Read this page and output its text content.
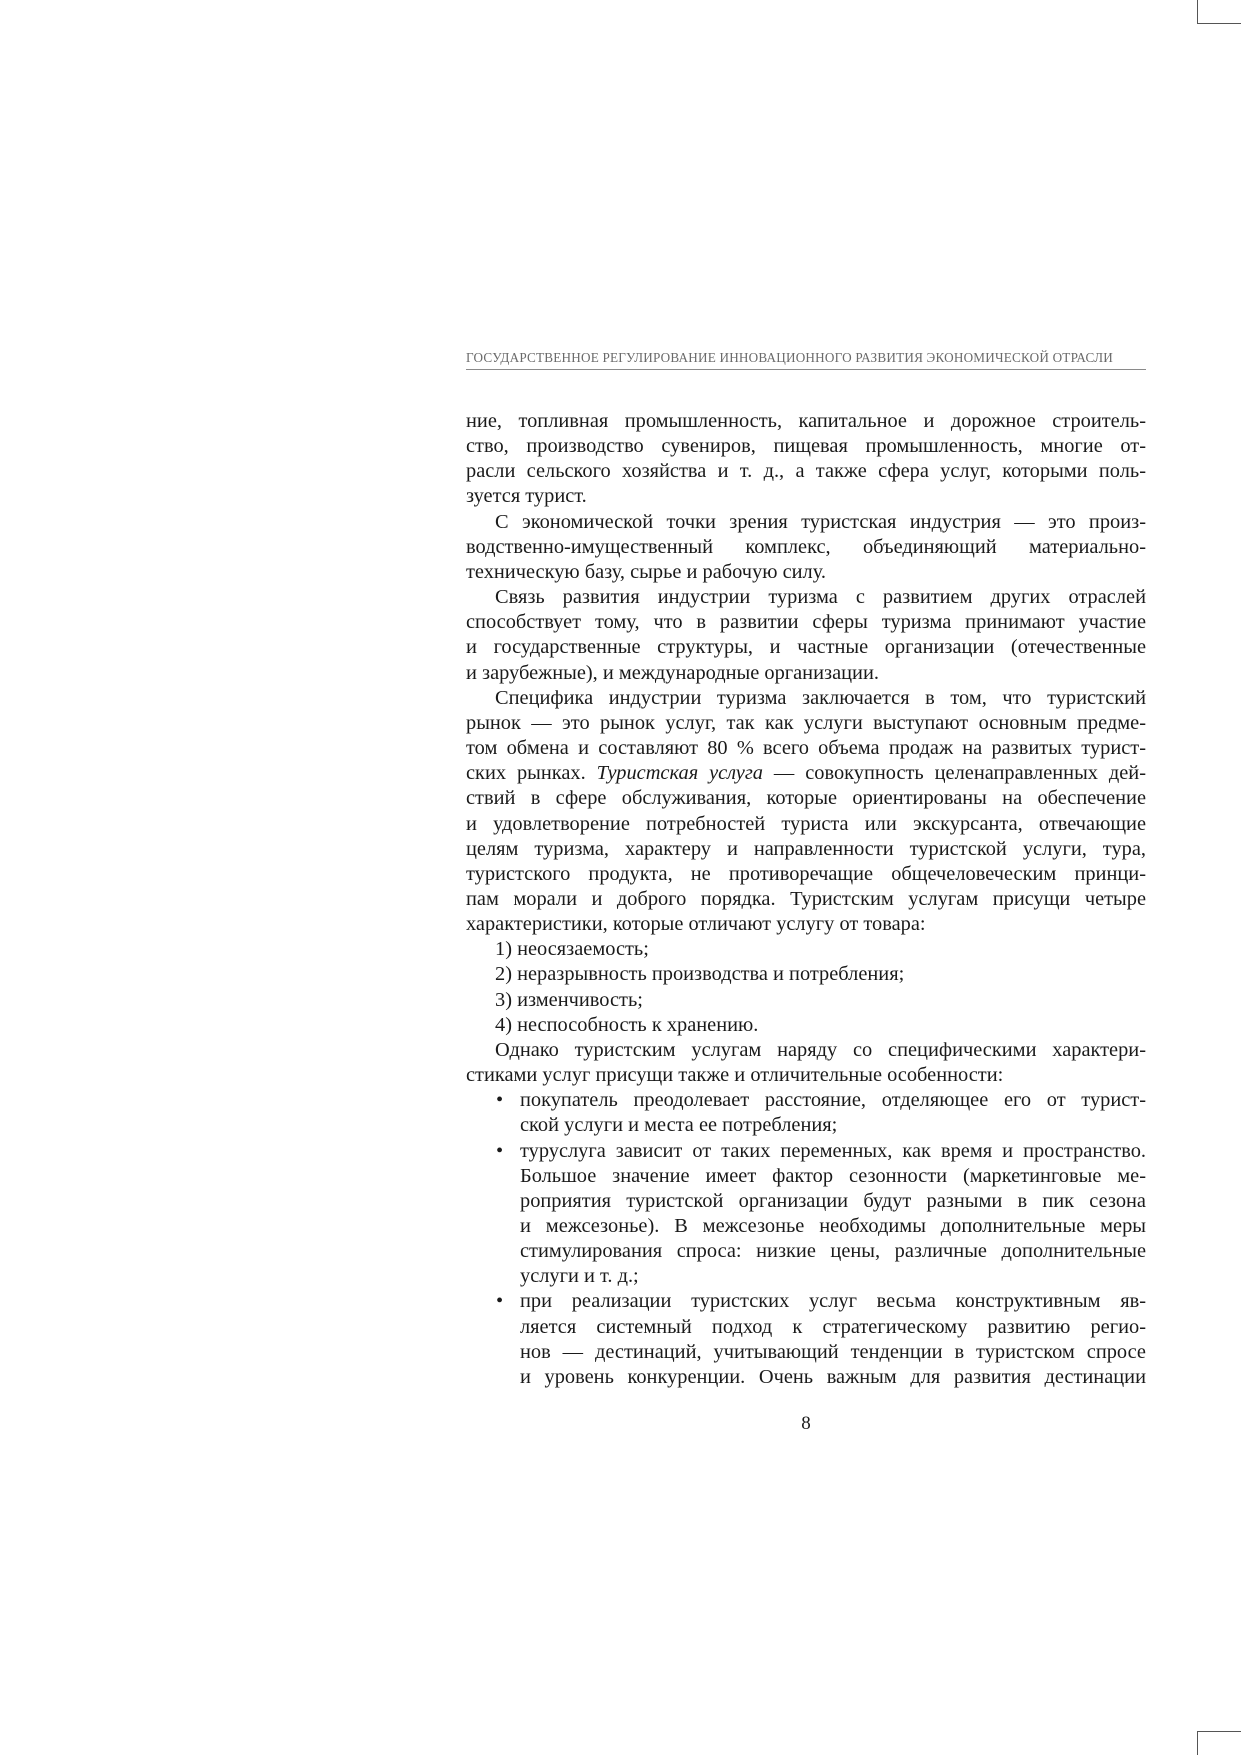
ГОСУДАРСТВЕННОЕ РЕГУЛИРОВАНИЕ ИННОВАЦИОННОГО РАЗВИТИЯ ЭКОНОМИЧЕСКОЙ ОТРАСЛИ

ние, топливная промышленность, капитальное и дорожное строитель-

ство, производство сувениров, пищевая промышленность, многие от-

расли сельского хозяйства и т. д., а также сфера услуг, которыми поль-

зуется турист.

С экономической точки зрения туристская индустрия — это произ-

водственно-имущественный комплекс, объединяющий материально-

техническую базу, сырье и рабочую силу.

Связь развития индустрии туризма с развитием других отраслей

способствует тому, что в развитии сферы туризма принимают участие

и государственные структуры, и частные организации (отечественные

и зарубежные), и международные организации.

Специфика индустрии туризма заключается в том, что туристский

рынок — это рынок услуг, так как услуги выступают основным предме-

том обмена и составляют 80 % всего объема продаж на развитых турист-

ских рынках. Туристская услуга — совокупность целенаправленных дей-

ствий в сфере обслуживания, которые ориентированы на обеспечение

и удовлетворение потребностей туриста или экскурсанта, отвечающие

целям туризма, характеру и направленности туристской услуги, тура,

туристского продукта, не противоречащие общечеловеческим принци-

пам морали и доброго порядка. Туристским услугам присущи четыре

характеристики, которые отличают услугу от товара:

1) неосязаемость;

2) неразрывность производства и потребления;

3) изменчивость;

4) неспособность к хранению.

Однако туристским услугам наряду со специфическими характери-

стиками услуг присущи также и отличительные особенности:

• покупатель преодолевает расстояние, отделяющее его от турист-
ской услуги и места ее потребления;
• туруслуга зависит от таких переменных, как время и пространство.
Большое значение имеет фактор сезонности (маркетинговые ме-
роприятия туристской организации будут разными в пик сезона
и межсезонье). В межсезонье необходимы дополнительные меры
стимулирования спроса: низкие цены, различные дополнительные
услуги и т. д.;
• при реализации туристских услуг весьма конструктивным яв-
ляется системный подход к стратегическому развитию регио-
нов — дестинаций, учитывающий тенденции в туристском спросе
и уровень конкуренции. Очень важным для развития дестинации
8
